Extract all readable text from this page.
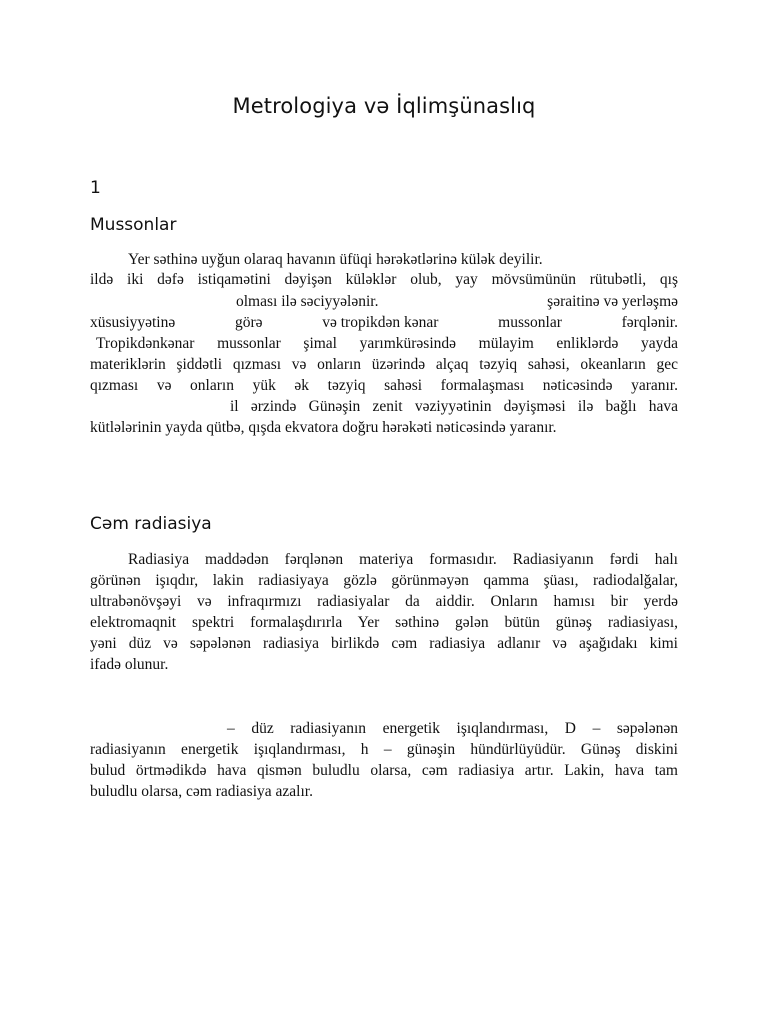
Metrologiya və İqlimşünaslıq
1
Mussonlar
Yer səthinə uyğun olaraq havanın üfüqi hərəkətlərinə külək deyilir.
ildə iki dəfə istiqamətini dəyişən küləklər olub, yay mövsümünün rütubətli, qış
olması ilə səciyyələnir.	şəraitinə və yerləşmə
xüsusiyyətinə	görə	və tropikdən kənar	mussonlar	fərqlənir.
Tropikdənkənar mussonlar şimal yarımkürəsində mülayim enliklərdə yayda
materiklərin şiddətli qızması və onların üzərində alçaq təzyiq sahəsi, okeanların gec
qızması və onların yük ək təzyiq sahəsi formalaşması nəticəsində yaranır.
il ərzində Günəşin zenit vəziyyətinin dəyişməsi ilə bağlı hava
kütlələrinin yayda qütbə, qışda ekvatora doğru hərəkəti nəticəsində yaranır.
Cəm radiasiya
Radiasiya maddədən fərqlənən materiya formasıdır. Radiasiyanın fərdi halı
görünən işıqdır, lakin radiasiyaya gözlə görünməyən qamma şüası, radiodalğalar,
ultrabənövşəyi və infraqırmızı radiasiyalar da aiddir. Onların hamısı bir yerdə
elektromaqnit spektri formalaşdırırla Yer səthinə gələn bütün günəş radiasiyası,
yəni düz və səpələnən radiasiya birlikdə cəm radiasiya adlanır və aşağıdakı kimi
ifadə olunur.
– düz radiasiyanın energetik işıqlandırması, D – səpələnən
radiasiyanın energetik işıqlandırması, h – günəşin hündürlüyüdür. Günəş diskini
bulud örtmədikdə hava qismən buludlu olarsa, cəm radiasiya artır. Lakin, hava tam
buludlu olarsa, cəm radiasiya azalır.
